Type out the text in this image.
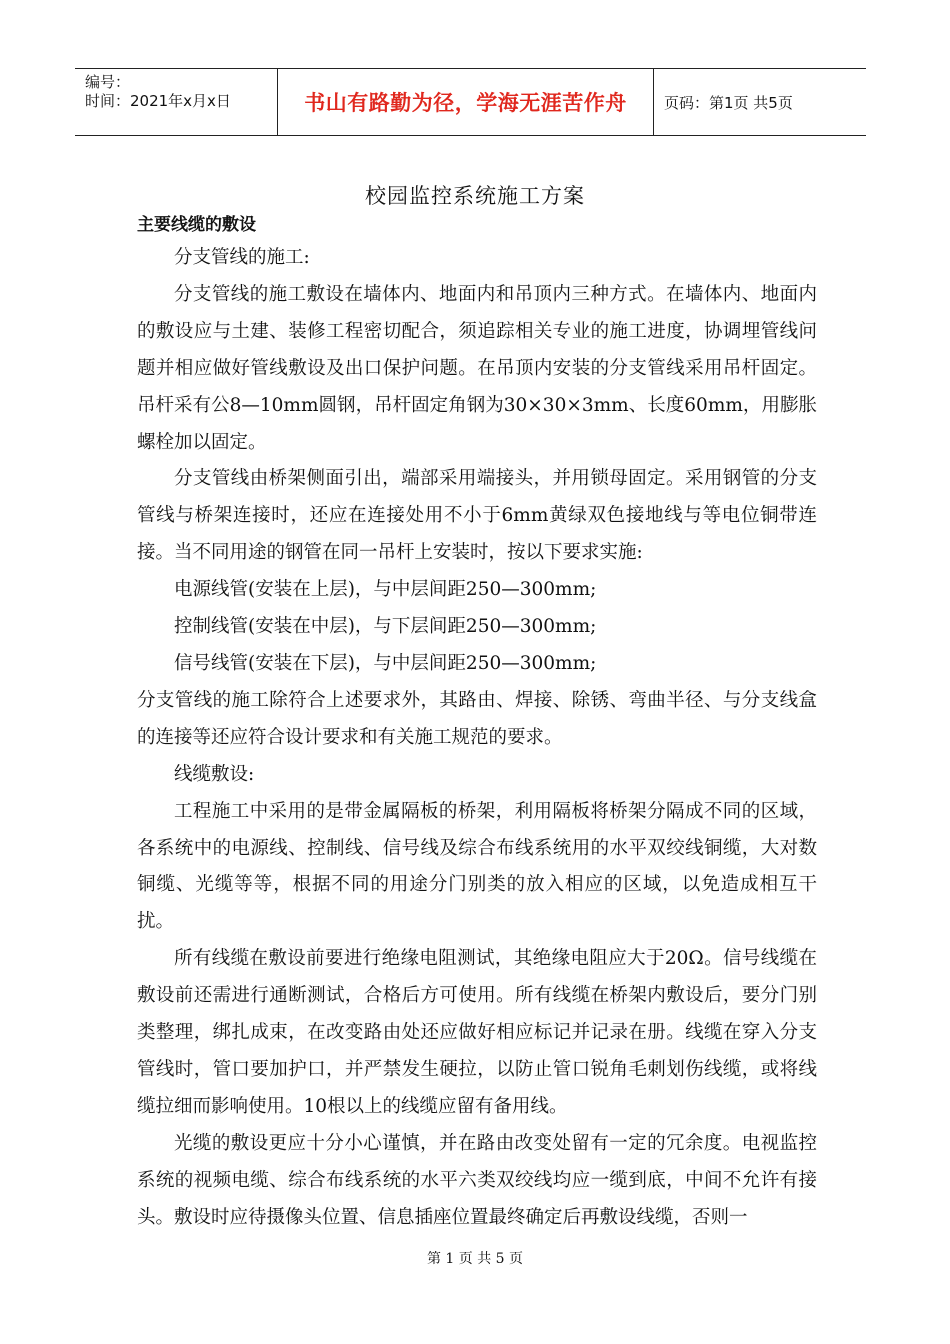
编号：
时间：2021年x月x日	书山有路勤为径，学海无涯苦作舟	页码：第1页 共5页
校园监控系统施工方案
主要线缆的敷设

分支管线的施工:

分支管线的施工敷设在墙体内、地面内和吊顶内三种方式。在墙体内、地面内的敷设应与土建、装修工程密切配合，须追踪相关专业的施工进度，协调埋管线问题并相应做好管线敷设及出口保护问题。在吊顶内安装的分支管线采用吊杆固定。吊杆采有公8—10mm圆钢，吊杆固定角钢为30×30×3mm、长度60mm，用膨胀螺栓加以固定。

分支管线由桥架侧面引出，端部采用端接头，并用锁母固定。采用钢管的分支管线与桥架连接时，还应在连接处用不小于6mm黄绿双色接地线与等电位铜带连接。当不同用途的钢管在同一吊杆上安装时，按以下要求实施:

电源线管(安装在上层)，与中层间距250—300mm;

控制线管(安装在中层)，与下层间距250—300mm;

信号线管(安装在下层)，与中层间距250—300mm;

分支管线的施工除符合上述要求外，其路由、焊接、除锈、弯曲半径、与分支线盒的连接等还应符合设计要求和有关施工规范的要求。

线缆敷设:

工程施工中采用的是带金属隔板的桥架，利用隔板将桥架分隔成不同的区域，各系统中的电源线、控制线、信号线及综合布线系统用的水平双绞线铜缆，大对数铜缆、光缆等等，根据不同的用途分门别类的放入相应的区域，以免造成相互干扰。

所有线缆在敷设前要进行绝缘电阻测试，其绝缘电阻应大于20Ω。信号线缆在敷设前还需进行通断测试，合格后方可使用。所有线缆在桥架内敷设后，要分门别类整理，绑扎成束，在改变路由处还应做好相应标记并记录在册。线缆在穿入分支管线时，管口要加护口，并严禁发生硬拉，以防止管口锐角毛刺划伤线缆，或将线缆拉细而影响使用。10根以上的线缆应留有备用线。

光缆的敷设更应十分小心谨慎，并在路由改变处留有一定的冗余度。电视监控系统的视频电缆、综合布线系统的水平六类双绞线均应一缆到底，中间不允许有接头。敷设时应待摄像头位置、信息插座位置最终确定后再敷设线缆，否则一

第 1 页 共 5 页
